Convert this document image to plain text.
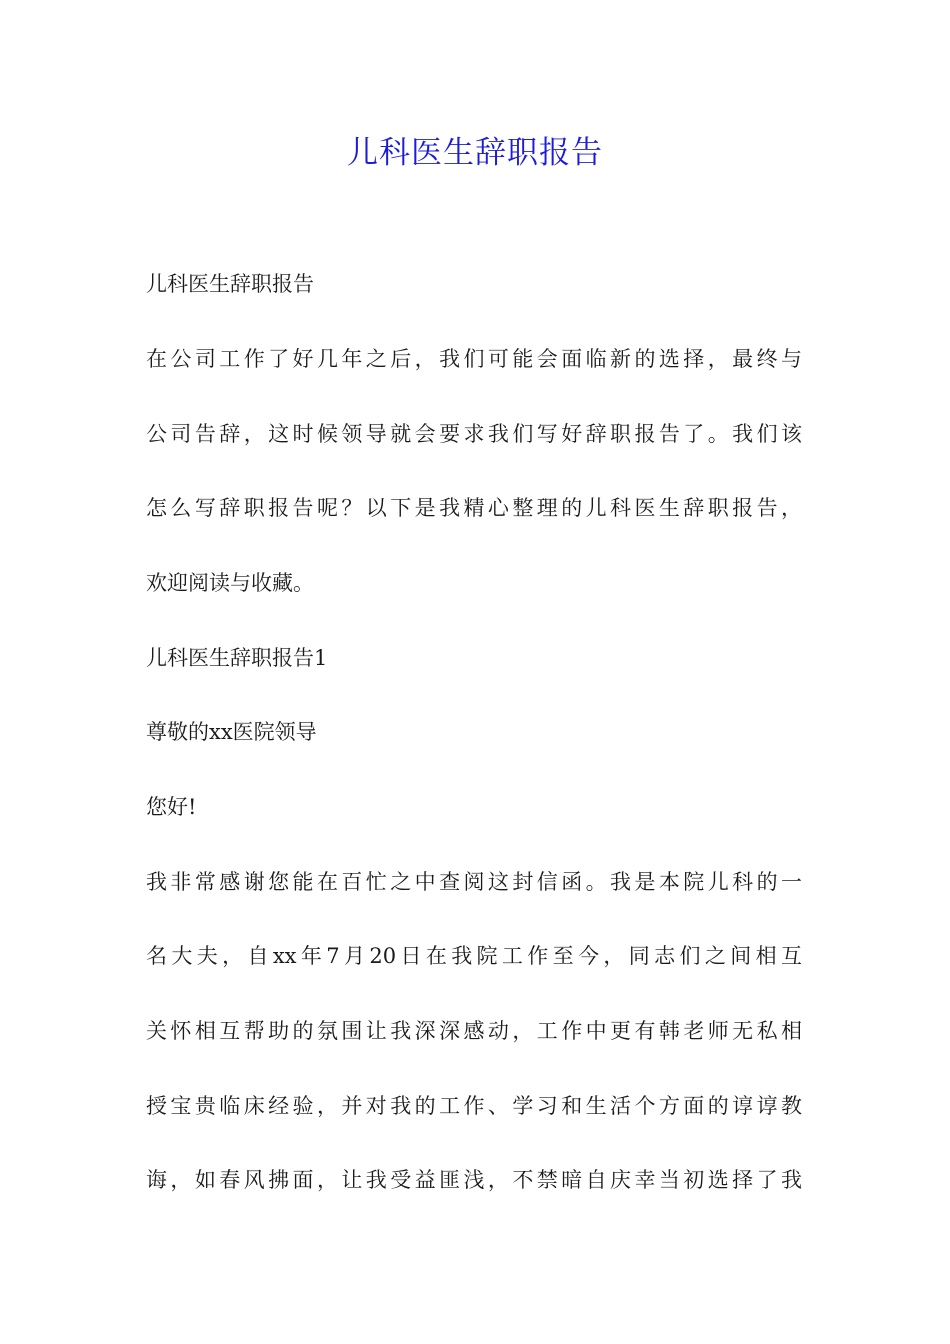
儿科医生辞职报告
儿科医生辞职报告
在公司工作了好几年之后，我们可能会面临新的选择，最终与
公司告辞，这时候领导就会要求我们写好辞职报告了。我们该
怎么写辞职报告呢？以下是我精心整理的儿科医生辞职报告，
欢迎阅读与收藏。
儿科医生辞职报告1
尊敬的xx医院领导
您好!
我非常感谢您能在百忙之中查阅这封信函。我是本院儿科的一
名大夫，自xx年7月20日在我院工作至今，同志们之间相互
关怀相互帮助的氛围让我深深感动，工作中更有韩老师无私相
授宝贵临床经验，并对我的工作、学习和生活个方面的谆谆教
诲，如春风拂面，让我受益匪浅，不禁暗自庆幸当初选择了我
